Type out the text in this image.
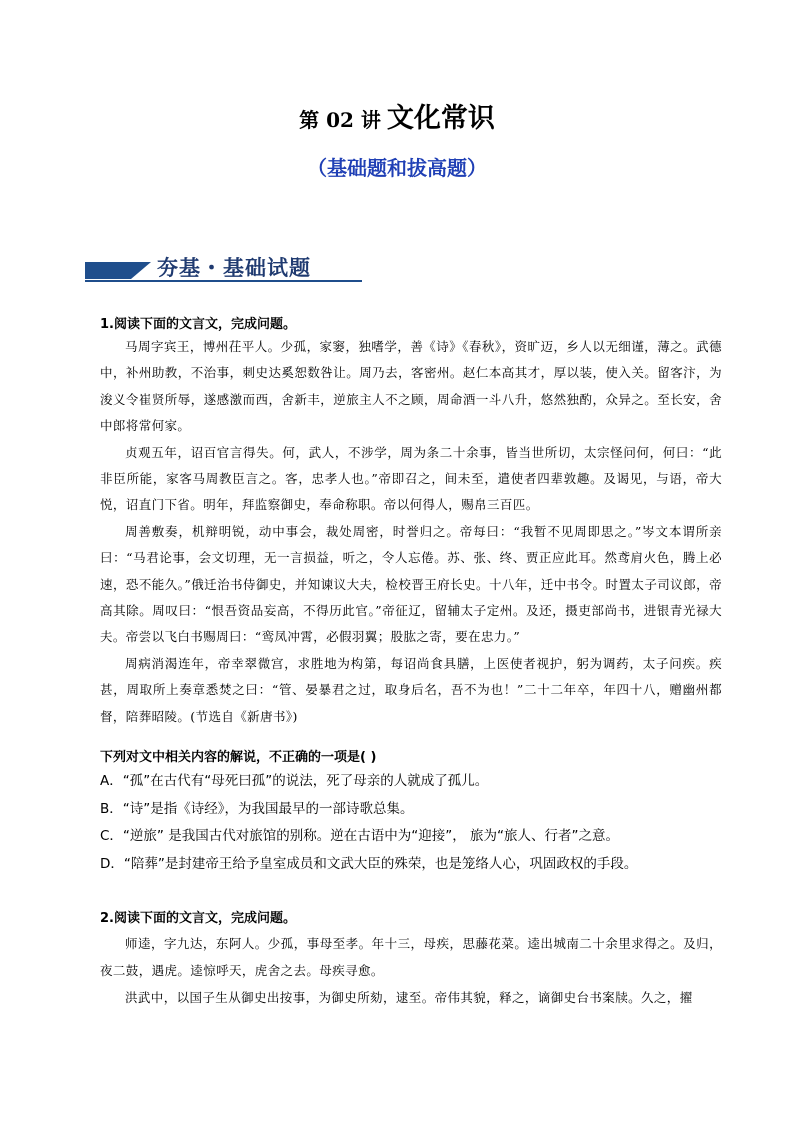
第 02 讲 文化常识
（基础题和拔高题）
夯基・基础试题
1.阅读下面的文言文，完成问题。

马周字宾王，博州茌平人。少孤，家窭，独嗜学，善《诗》《春秋》，资旷迈，乡人以无细谨，薄之。武德中，补州助教，不治事，刺史达奚恕数咎让。周乃去，客密州。赵仁本高其才，厚以装，使入关。留客汴，为浚义令崔贤所辱，遂感激而西，舍新丰，逆旅主人不之顾，周命酒一斗八升，悠然独酌，众异之。至长安，舍中郎将常何家。

贞观五年，诏百官言得失。何，武人，不涉学，周为条二十余事，皆当世所切，太宗怪问何，何曰：“此非臣所能，家客马周教臣言之。客，忠孝人也。”帝即召之，间未至，遣使者四辈敦趣。及谒见，与语，帝大悦，诏直门下省。明年，拜监察御史，奉命称职。帝以何得人，赐帛三百匹。

周善敷奏，机辩明锐，动中事会，裁处周密，时誉归之。帝每曰：“我暂不见周即思之。”岑文本谓所亲曰：“马君论事，会文切理，无一言损益，听之，令人忘倦。苏、张、终、贾正应此耳。然鸢肩火色，腾上必速，恐不能久。”俄迁治书侍御史，并知谏议大夫，检校晋王府长史。十八年，迁中书令。时置太子司议郎，帝高其除。周叹曰：“恨吾资品妄高，不得历此官。”帝征辽，留辅太子定州。及还，摄吏部尚书，进银青光禄大夫。帝尝以飞白书赐周曰：“鸾凤冲霄，必假羽翼；股肱之寄，要在忠力。”

周病消渴连年，帝幸翠微宫，求胜地为构第，每诏尚食具膳，上医使者视护，躬为调药，太子问疾。疾甚，周取所上奏章悉焚之曰：“管、晏暴君之过，取身后名，吾不为也！”二十二年卒，年四十八，赠幽州都督，陪葬昭陵。(节选自《新唐书》)

下列对文中相关内容的解说，不正确的一项是( )
A．“孤”在古代有“母死曰孤”的说法，死了母亲的人就成了孤儿。
B．“诗”是指《诗经》，为我国最早的一部诗歌总集。
C．“逆旅” 是我国古代对旅馆的别称。逆在古语中为“迎接”， 旅为“旅人、行者”之意。
D．“陪葬”是封建帝王给予皇室成员和文武大臣的殊荣，也是笼络人心，巩固政权的手段。
2.阅读下面的文言文，完成问题。

师逵，字九达，东阿人。少孤，事母至孝。年十三，母疾，思藤花菜。逵出城南二十余里求得之。及归，夜二鼓，遇虎。逵惊呼天，虎舍之去。母疾寻愈。

洪武中，以国子生从御史出按事，为御史所劾，逮至。帝伟其貌，释之，谪御史台书案牍。久之，擢
